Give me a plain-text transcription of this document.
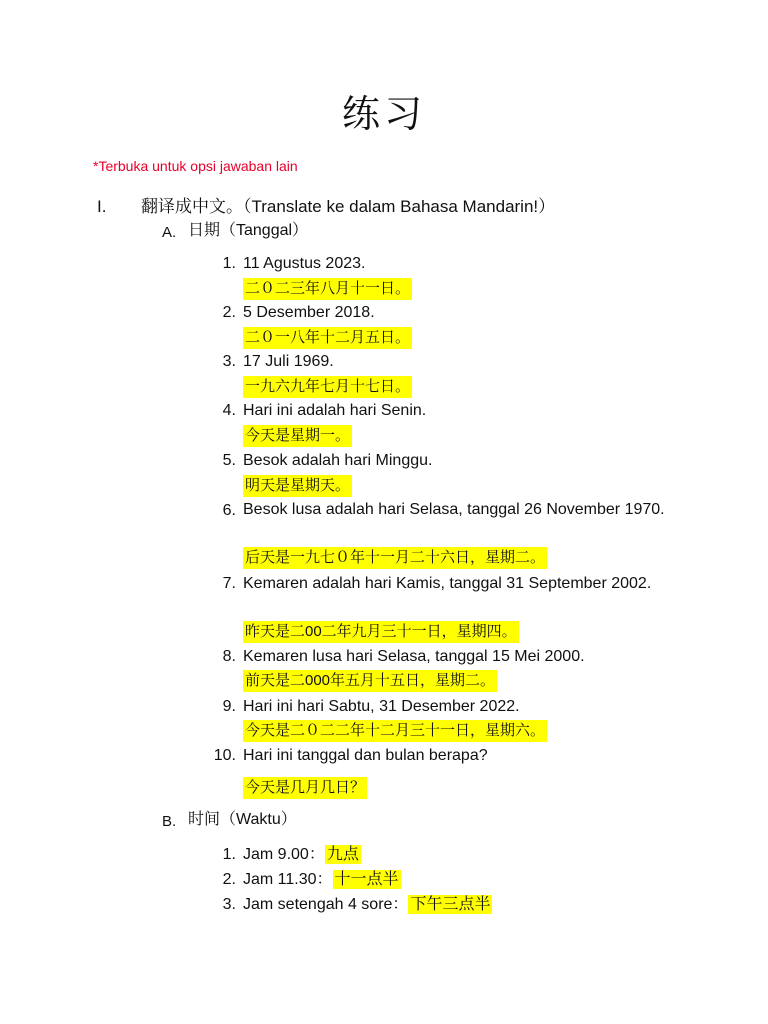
练习
*Terbuka untuk opsi jawaban lain
I. 翻译成中文。（Translate ke dalam Bahasa Mandarin!）
A. 日期（Tanggal）
1. 11 Agustus 2023.
二０二三年八月十一日。
2. 5 Desember 2018.
二０一八年十二月五日。
3. 17 Juli 1969.
一九六九年七月十七日。
4. Hari ini adalah hari Senin.
今天是星期一。
5. Besok adalah hari Minggu.
明天是星期天。
6. Besok lusa adalah hari Selasa, tanggal 26 November 1970.
后天是一九七０年十一月二十六日，星期二。
7. Kemaren adalah hari Kamis, tanggal 31 September 2002.
昨天是二00二年九月三十一日，星期四。
8. Kemaren lusa hari Selasa, tanggal 15 Mei 2000.
前天是二000年五月十五日，星期二。
9. Hari ini hari Sabtu, 31 Desember 2022.
今天是二０二二年十二月三十一日，星期六。
10. Hari ini tanggal dan bulan berapa?
今天是几月几日？
B. 时间（Waktu）
1. Jam 9.00： 九点
2. Jam 11.30： 十一点半
3. Jam setengah 4 sore： 下午三点半
